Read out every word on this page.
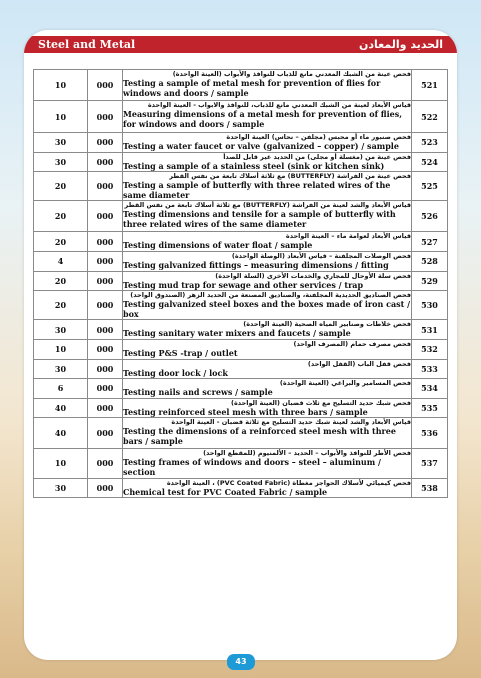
Steel and Metal	الحديد والمعادن
10	000	فحص عينة من الشبك المعدني مانع للذباب للنوافذ والأبواب (العينة الواحدة)
Testing a sample of metal mesh for prevention of flies for windows and doors / sample	521
10	000	قياس الأبعاد لعينة من الشبك المعدني مانع للذباب، للنوافذ والابواب - العينة الواحدة
Measuring dimensions of a metal mesh for prevention of flies, for windows and doors / sample	522
30	000	فحص صنبور ماء أو محبس (مجلفن – نحاس) العينة الواحدة
Testing a water faucet or valve (galvanized – copper) / sample	523
30	000	فحص عينة من (مغسلة أو مجلى) من الحديد غير قابل للصدأ
Testing a sample of a stainless steel (sink or kitchen sink)	524
20	000	فحص عينة من الفراشة (BUTTERFLY) مع ثلاثة أسلاك تابعة من نفس القطر
Testing a sample of butterfly with three related wires of the same diameter	525
20	000	قياس الأبعاد والشد لعينة من الفراشة (BUTTERFLY) مع ثلاثة أسلاك تابعة من نفس القطر
Testing dimensions and tensile for a sample of butterfly with three related wires of the same diameter	526
20	000	قياس الأبعاد لعوامة ماء – العينة الواحدة
Testing dimensions of water float / sample	527
4	000	فحص الوصلات المجلفنة – قياس الأبعاد (الوصلة الواحدة)
Testing galvanized fittings – measuring dimensions / fitting	528
20	000	فحص سلة الأوحال للمجاري والخدمات الأخرى (السلة الواحدة)
Testing mud trap for sewage and other services / trap	529
20	000	فحص الصناديق الحديدية المجلفنة، والصناديق المصنعة من الحديد الزهر (الصندوق الواحد)
Testing galvanized steel boxes and the boxes made of iron cast / box	530
30	000	فحص خلاطات وصنابير المياه الصحية (العينة الواحدة)
Testing sanitary water mixers and faucets / sample	531
10	000	فحص مصرف حمام (المصرف الواحد)
Testing P&S -trap / outlet	532
30	000	فحص قفل الباب (القفل الواحد)
Testing door lock / lock	533
6	000	فحص المسامير والبراغي (العينة الواحدة)
Testing nails and screws / sample	534
40	000	فحص شبك حديد التسليح مع ثلاث قضبان (العينة الواحدة)
Testing reinforced steel mesh with three bars / sample	535
40	000	قياس الأبعاد والشد لعينة شبك حديد التسليح مع ثلاثة قضبان - العينة الواحدة
Testing the dimensions of a reinforced steel mesh with three bars / sample	536
10	000	فحص الأطر للنوافذ والأبواب – الحديد – الألمنيوم (للمقطع الواحد)
Testing frames of windows and doors – steel – aluminum / section	537
30	000	فحص كيميائي لأسلاك الحواجز مغطاة (PVC Coated Fabric) ، العينة الواحدة
Chemical test for PVC Coated Fabric / sample	538
43
